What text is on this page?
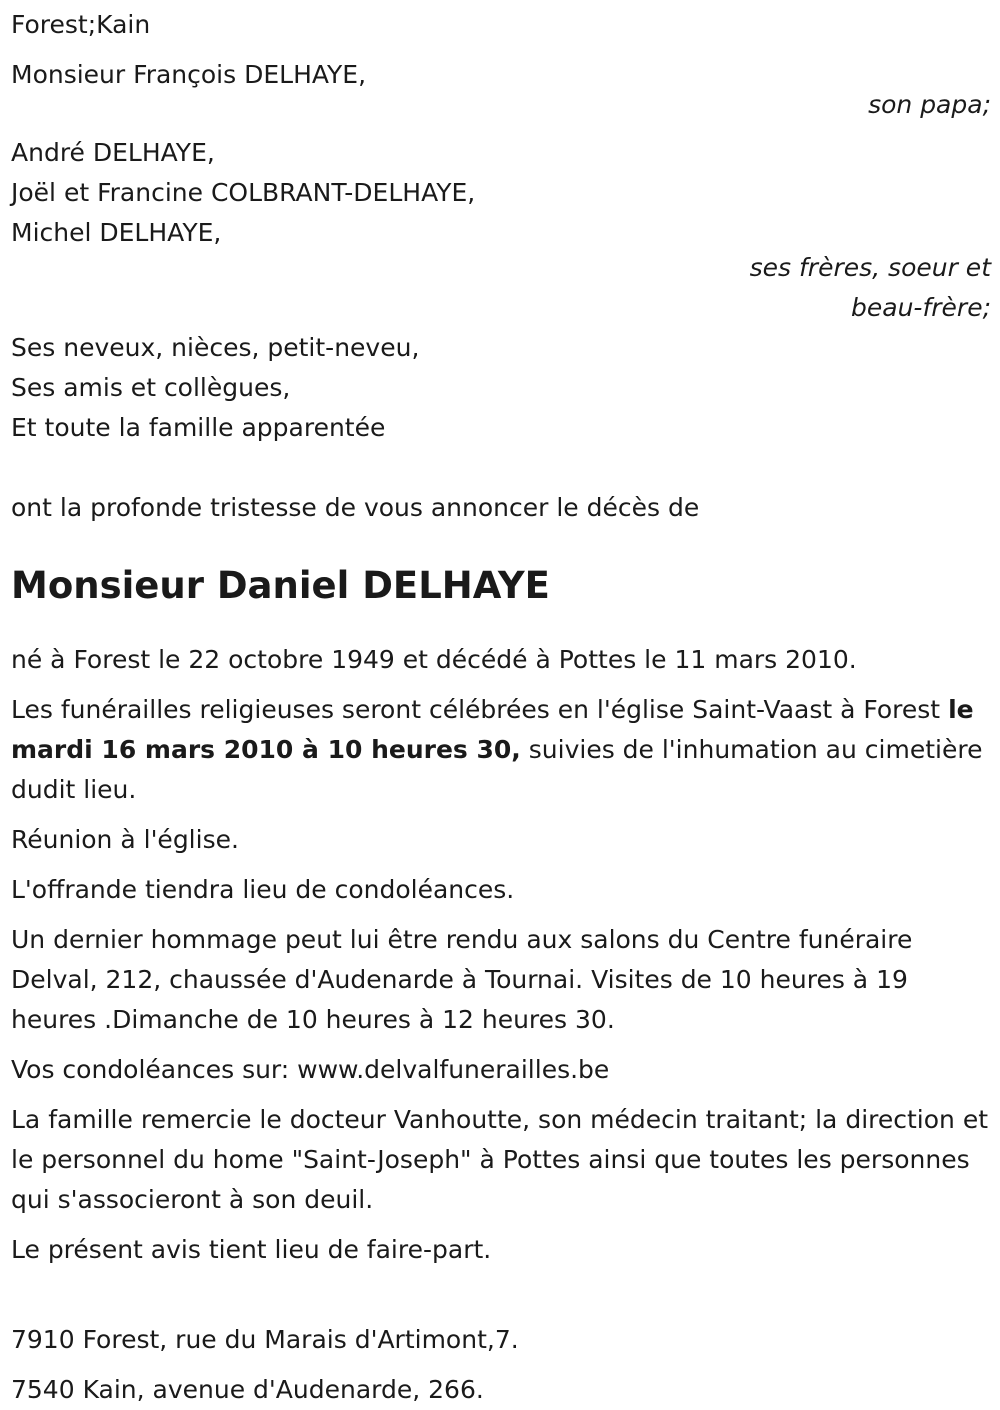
Forest;Kain
Monsieur François DELHAYE,
son papa;
André DELHAYE,
Joël et Francine COLBRANT-DELHAYE,
Michel DELHAYE,
ses frères, soeur et
beau-frère;
Ses neveux, nièces, petit-neveu,
Ses amis et collègues,
Et toute la famille apparentée
ont la profonde tristesse de vous annoncer le décès de
Monsieur Daniel DELHAYE
né à Forest le 22 octobre 1949 et décédé à Pottes le 11 mars 2010.
Les funérailles religieuses seront célébrées en l'église Saint-Vaast à Forest le mardi 16 mars 2010 à 10 heures 30, suivies de l'inhumation au cimetière dudit lieu.
Réunion à l'église.
L'offrande tiendra lieu de condoléances.
Un dernier hommage peut lui être rendu aux salons du Centre funéraire Delval, 212, chaussée d'Audenarde à Tournai. Visites de 10 heures à 19 heures .Dimanche de 10 heures à 12 heures 30.
Vos condoléances sur: www.delvalfunerailles.be
La famille remercie le docteur Vanhoutte, son médecin traitant; la direction et le personnel du home "Saint-Joseph" à Pottes ainsi que toutes les personnes qui s'associeront à son deuil.
Le présent avis tient lieu de faire-part.
7910 Forest, rue du Marais d'Artimont,7.
7540 Kain, avenue d'Audenarde, 266.
